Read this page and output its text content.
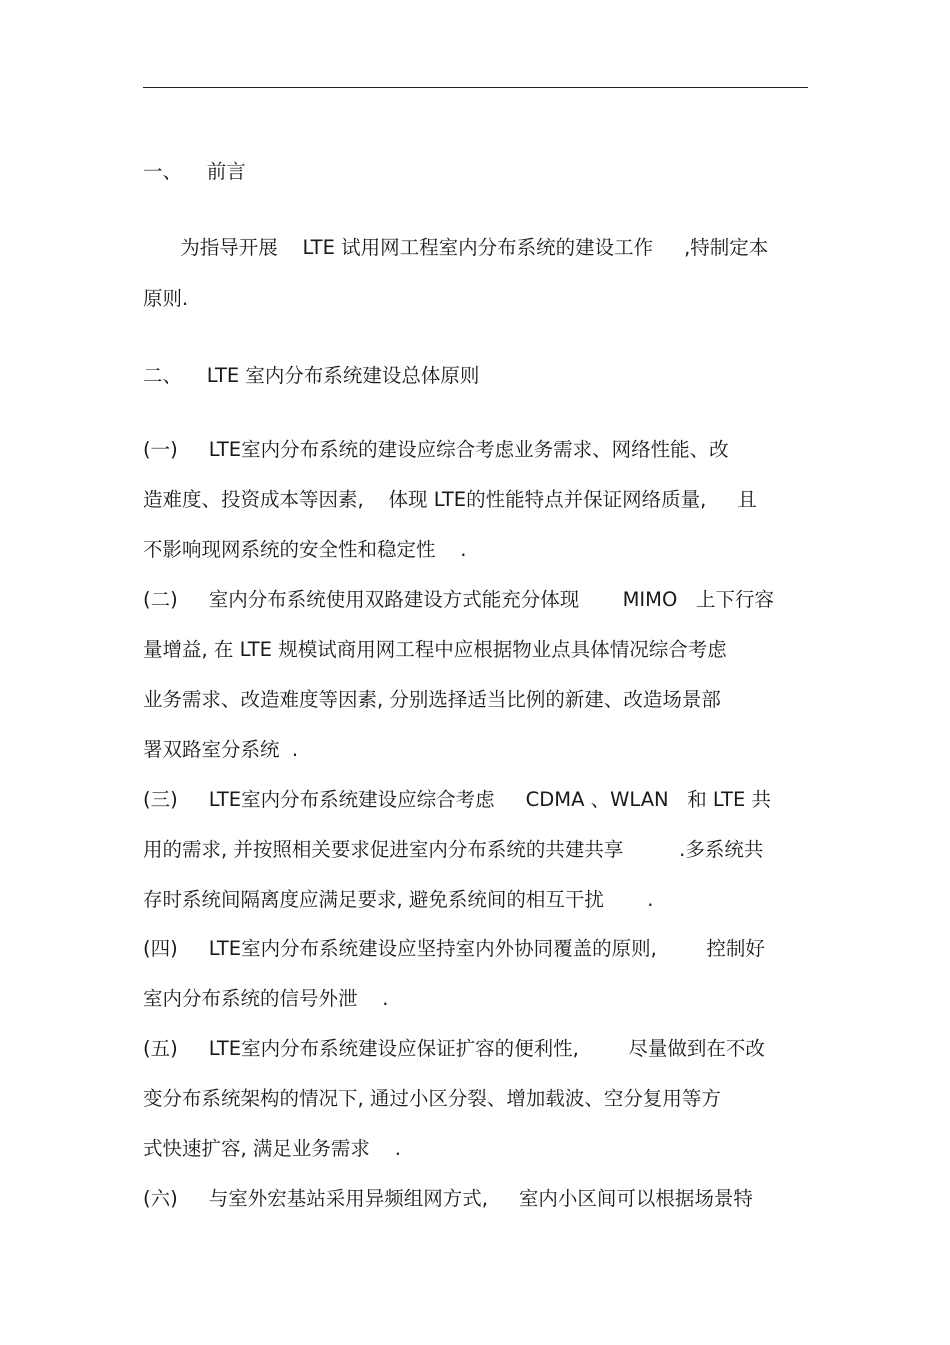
一、    前言
为指导开展    LTE 试用网工程室内分布系统的建设工作     ,特制定本
原则.
二、    LTE 室内分布系统建设总体原则
(一)     LTE室内分布系统的建设应综合考虑业务需求、网络性能、改
造难度、投资成本等因素,    体现 LTE的性能特点并保证网络质量,     且
不影响现网系统的安全性和稳定性    .
(二)     室内分布系统使用双路建设方式能充分体现       MIMO   上下行容
量增益, 在 LTE 规模试商用网工程中应根据物业点具体情况综合考虑
业务需求、改造难度等因素, 分别选择适当比例的新建、改造场景部
署双路室分系统  .
(三)     LTE室内分布系统建设应综合考虑     CDMA 、WLAN   和 LTE 共
用的需求, 并按照相关要求促进室内分布系统的共建共享         .多系统共
存时系统间隔离度应满足要求, 避免系统间的相互干扰       .
(四)     LTE室内分布系统建设应坚持室内外协同覆盖的原则,        控制好
室内分布系统的信号外泄    .
(五)     LTE室内分布系统建设应保证扩容的便利性,        尽量做到在不改
变分布系统架构的情况下, 通过小区分裂、增加载波、空分复用等方
式快速扩容, 满足业务需求    .
(六)     与室外宏基站采用异频组网方式,     室内小区间可以根据场景特
